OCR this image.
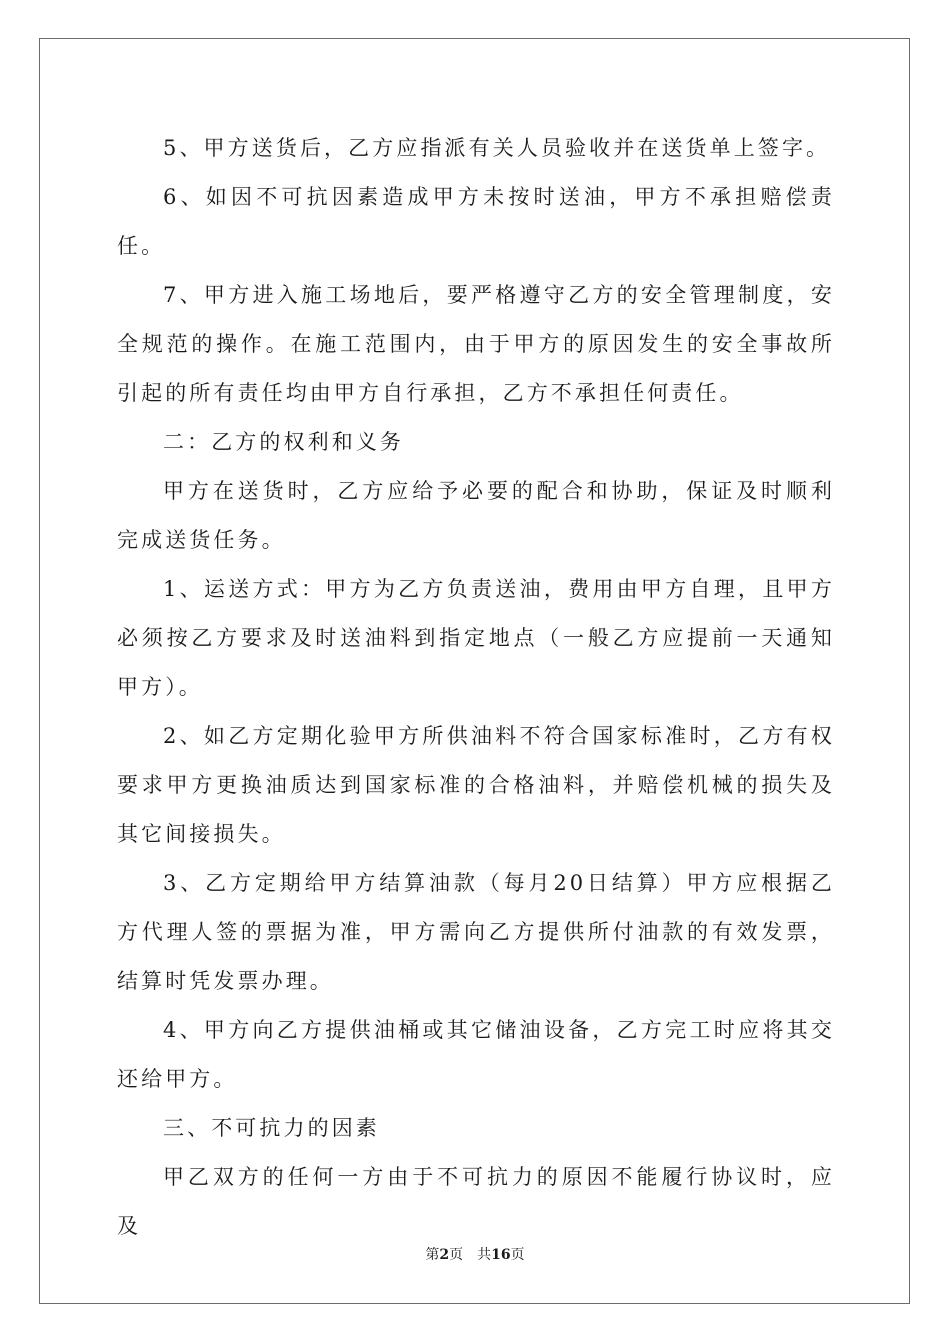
5、甲方送货后，乙方应指派有关人员验收并在送货单上签字。

6、如因不可抗因素造成甲方未按时送油，甲方不承担赔偿责任。

7、甲方进入施工场地后，要严格遵守乙方的安全管理制度，安全规范的操作。在施工范围内，由于甲方的原因发生的安全事故所引起的所有责任均由甲方自行承担，乙方不承担任何责任。

二：乙方的权利和义务

甲方在送货时，乙方应给予必要的配合和协助，保证及时顺利完成送货任务。

1、运送方式：甲方为乙方负责送油，费用由甲方自理，且甲方必须按乙方要求及时送油料到指定地点（一般乙方应提前一天通知甲方）。

2、如乙方定期化验甲方所供油料不符合国家标准时，乙方有权要求甲方更换油质达到国家标准的合格油料，并赔偿机械的损失及其它间接损失。

3、乙方定期给甲方结算油款（每月20日结算）甲方应根据乙方代理人签的票据为准，甲方需向乙方提供所付油款的有效发票，结算时凭发票办理。

4、甲方向乙方提供油桶或其它储油设备，乙方完工时应将其交还给甲方。

三、不可抗力的因素

甲乙双方的任何一方由于不可抗力的原因不能履行协议时，应及

第2页 共16页
